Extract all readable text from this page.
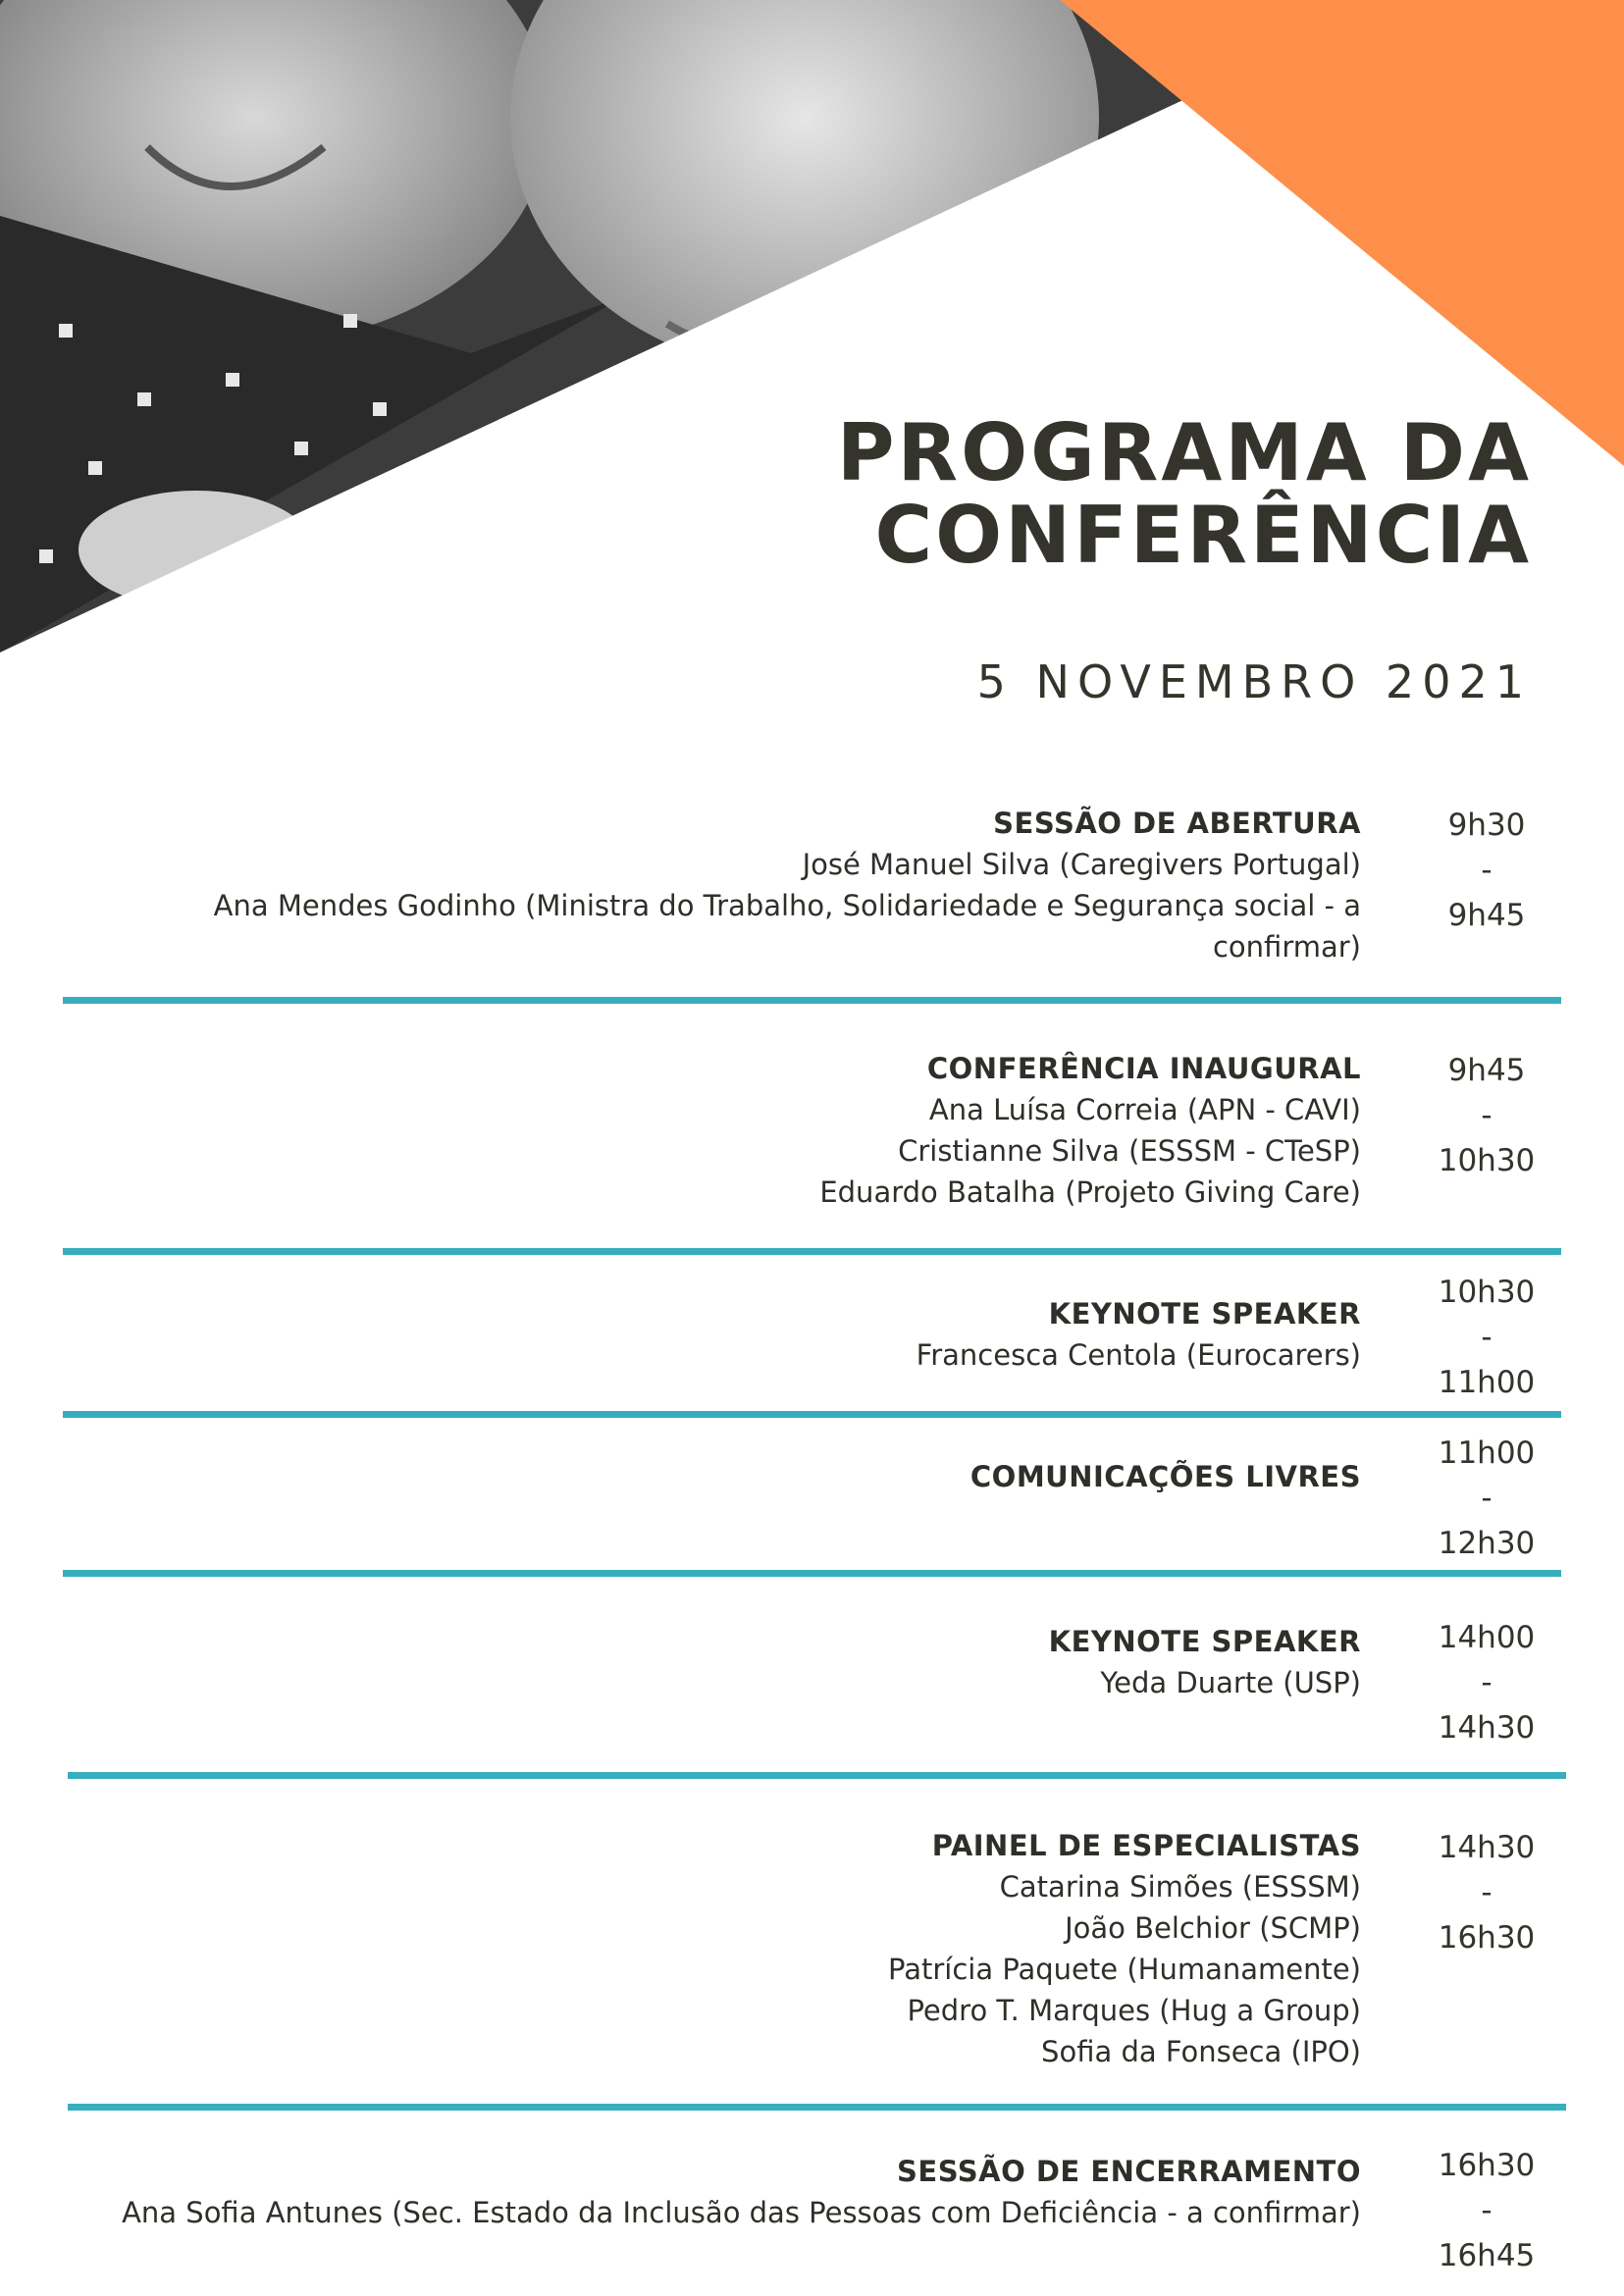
PROGRAMA DA
CONFERÊNCIA
5 NOVEMBRO 2021
SESSÃO DE ABERTURA
José Manuel Silva (Caregivers Portugal)
Ana Mendes Godinho (Ministra do Trabalho, Solidariedade e Segurança social - a confirmar)
9h30
-
9h45
CONFERÊNCIA INAUGURAL
Ana Luísa Correia (APN - CAVI)
Cristianne Silva (ESSSM - CTeSP)
Eduardo Batalha (Projeto Giving Care)
9h45
-
10h30
KEYNOTE SPEAKER
Francesca Centola (Eurocarers)
10h30
-
11h00
COMUNICAÇÕES LIVRES
11h00
-
12h30
KEYNOTE SPEAKER
Yeda Duarte (USP)
14h00
-
14h30
PAINEL DE ESPECIALISTAS
Catarina Simões (ESSSM)
João Belchior (SCMP)
Patrícia Paquete (Humanamente)
Pedro T. Marques (Hug a Group)
Sofia da Fonseca (IPO)
14h30
-
16h30
SESSÃO DE ENCERRAMENTO
Ana Sofia Antunes (Sec. Estado da Inclusão das Pessoas com Deficiência - a confirmar)
16h30
-
16h45
